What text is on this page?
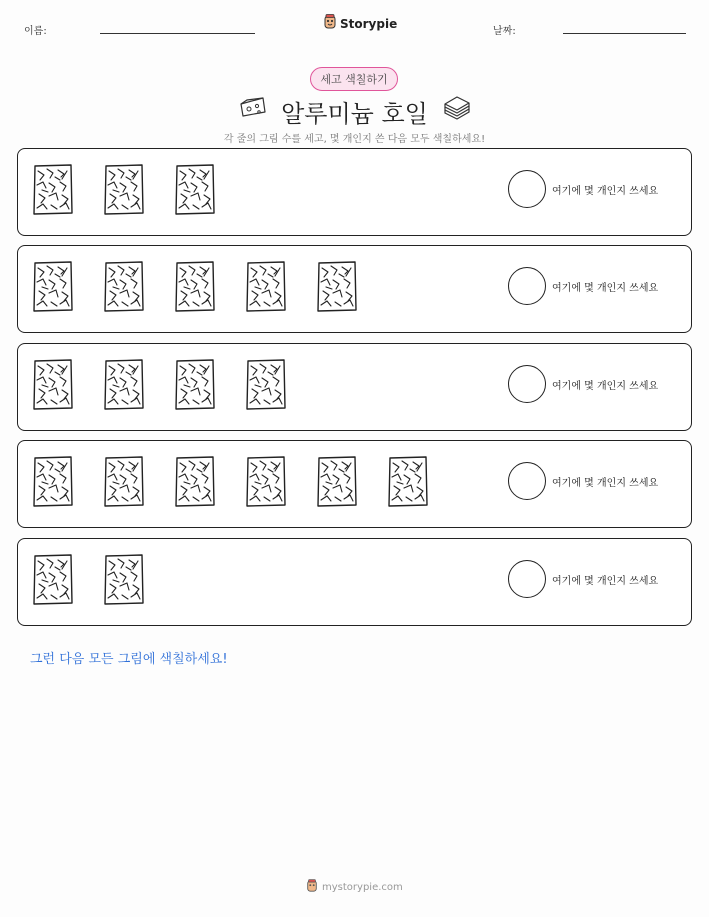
이름:
Storypie
날짜:
세고 색칠하기
알루미늄 호일
각 줄의 그림 수를 세고, 몇 개인지 쓴 다음 모두 색칠하세요!
여기에 몇 개인지 쓰세요
여기에 몇 개인지 쓰세요
여기에 몇 개인지 쓰세요
여기에 몇 개인지 쓰세요
여기에 몇 개인지 쓰세요
그런 다음 모든 그림에 색칠하세요!
mystorypie.com
